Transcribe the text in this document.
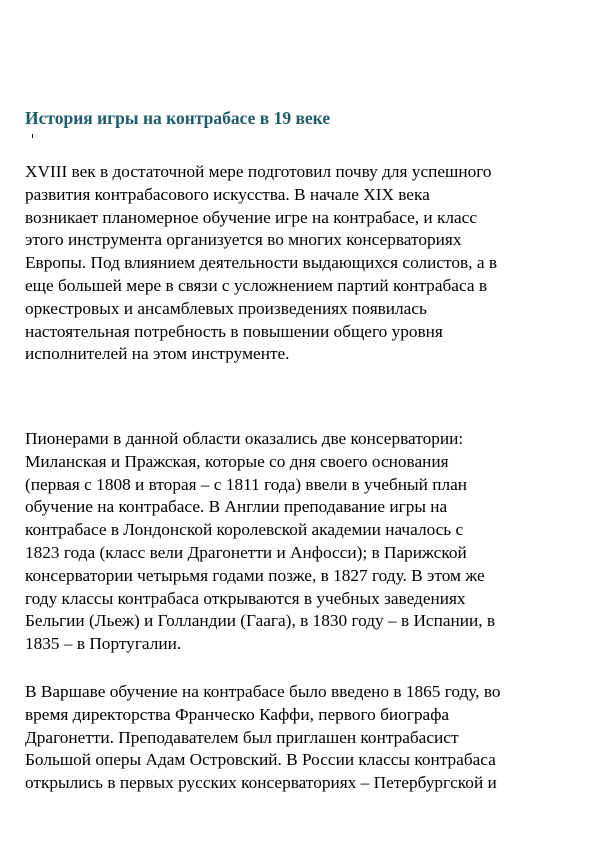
История игры на контрабасе в 19 веке

XVIII век в достаточной мере подготовил почву для успешного
развития контрабасового искусства. В начале XIX века
возникает планомерное обучение игре на контрабасе, и класс
этого инструмента организуется во многих консерваториях
Европы. Под влиянием деятельности выдающихся солистов, а в
еще большей мере в связи с усложнением партий контрабаса в
оркестровых и ансамблевых произведениях появилась
настоятельная потребность в повышении общего уровня
исполнителей на этом инструменте.

Пионерами в данной области оказались две консерватории:
Миланская и Пражская, которые со дня своего основания
(первая с 1808 и вторая – с 1811 года) ввели в учебный план
обучение на контрабасе. В Англии преподавание игры на
контрабасе в Лондонской королевской академии началось с
1823 года (класс вели Драгонетти и Анфосси); в Парижской
консерватории четырьмя годами позже, в 1827 году. В этом же
году классы контрабаса открываются в учебных заведениях
Бельгии (Льеж) и Голландии (Гаага), в 1830 году – в Испании, в
1835 – в Португалии.

В Варшаве обучение на контрабасе было введено в 1865 году, во
время директорства Франческо Каффи, первого биографа
Драгонетти. Преподавателем был приглашен контрабасист
Большой оперы Адам Островский. В России классы контрабаса
открылись в первых русских консерваториях – Петербургской и
